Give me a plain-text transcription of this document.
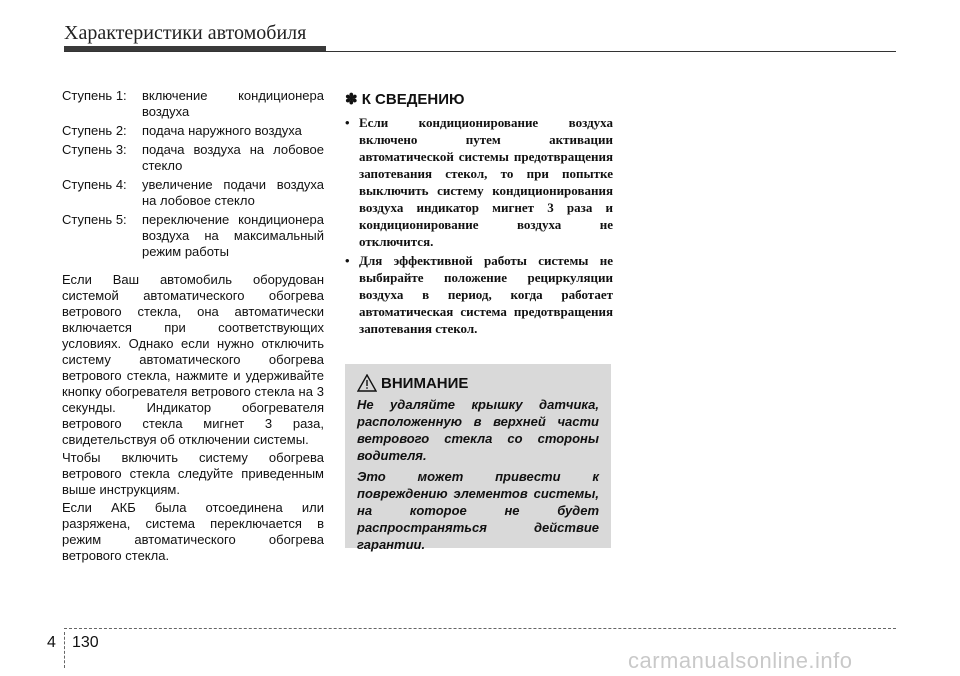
Характеристики автомобиля
Ступень 1:	включение кондиционера воздуха
Ступень 2:	подача наружного воздуха
Ступень 3:	подача воздуха на лобовое стекло
Ступень 4:	увеличение подачи воздуха на лобовое стекло
Ступень 5:	переключение кондиционера воздуха на максимальный режим работы

Если Ваш автомобиль оборудован системой автоматического обогрева ветрового стекла, она автоматически включается при соответствующих условиях. Однако если нужно отключить систему автоматического обогрева ветрового стекла, нажмите и удерживайте кнопку обогревателя ветрового стекла на 3 секунды. Индикатор обогревателя ветрового стекла мигнет 3 раза, свидетельствуя об отключении системы.

Чтобы включить систему обогрева ветрового стекла следуйте приведенным выше инструкциям.

Если АКБ была отсоединена или разряжена, система переключается в режим автоматического обогрева ветрового стекла.

✽ К СВЕДЕНИЮ
• Если кондиционирование воздуха включено путем активации автоматической системы предотвращения запотевания стекол, то при попытке выключить систему кондиционирования воздуха индикатор мигнет 3 раза и кондиционирование воздуха не отключится.
• Для эффективной работы системы не выбирайте положение рециркуляции воздуха в период, когда работает автоматическая система предотвращения запотевания стекол.
ВНИМАНИЕ

Не удаляйте крышку датчика, расположенную в верхней части ветрового стекла со стороны водителя.

Это может привести к повреждению элементов системы, на которое не будет распространяться действие гарантии.

4 130
carmanualsonline.info
